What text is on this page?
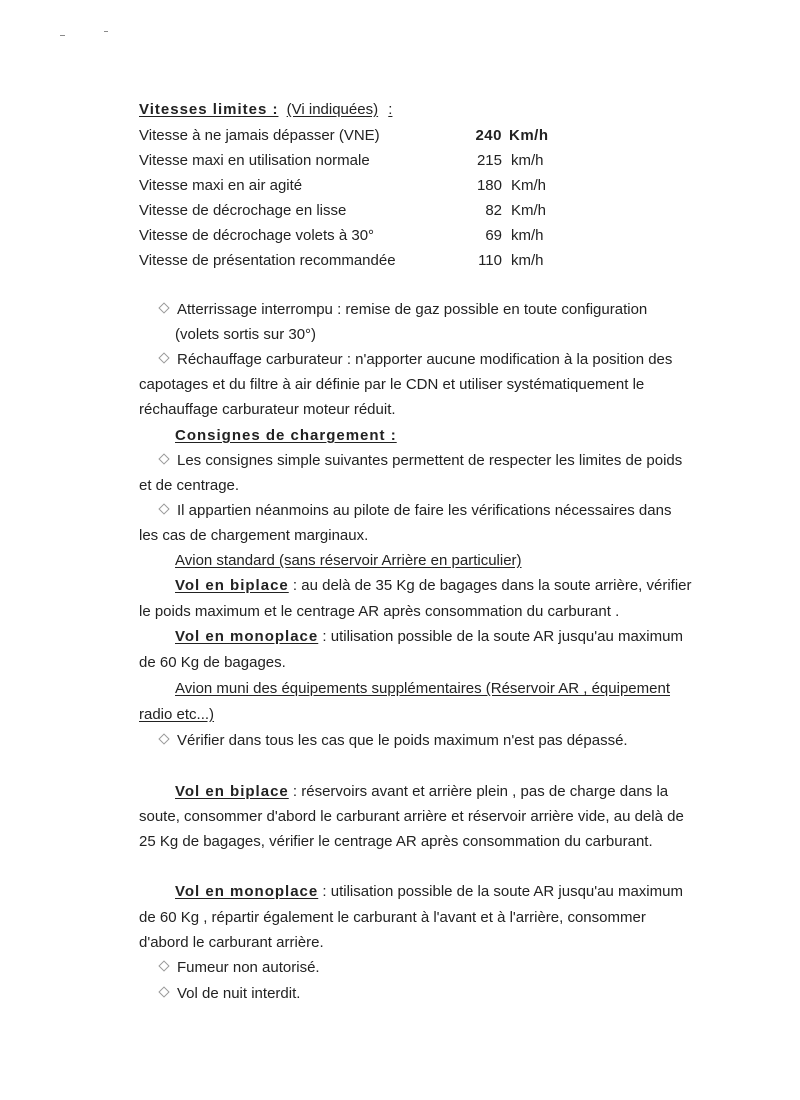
Vitesses limites : (Vi indiquées) :
Vitesse à ne jamais dépasser (VNE)	240 Km/h
Vitesse maxi en utilisation normale	215 km/h
Vitesse maxi en air agité	180 Km/h
Vitesse de décrochage en lisse	82 Km/h
Vitesse de décrochage volets à 30°	69 km/h
Vitesse de présentation recommandée	110 km/h
Atterrissage interrompu : remise de gaz possible en toute configuration
(volets sortis sur 30°)
Réchauffage carburateur : n'apporter aucune modification à la position des
capotages et du filtre à air définie par le CDN et utiliser systématiquement le
réchauffage carburateur moteur réduit.
Consignes de chargement :
Les consignes simple suivantes permettent de respecter les limites de poids
et de centrage.
Il appartien néanmoins au pilote de faire les vérifications nécessaires dans
les cas de chargement marginaux.
Avion standard (sans réservoir Arrière en particulier)
Vol en biplace : au delà de 35 Kg de bagages dans la soute arrière, vérifier
le poids maximum et le centrage AR après consommation du carburant .
Vol en monoplace : utilisation possible de la soute AR jusqu'au maximum
de 60 Kg de bagages.
Avion muni des équipements supplémentaires (Réservoir AR , équipement
radio etc...)
Vérifier dans tous les cas que le poids maximum n'est pas dépassé.
Vol en biplace : réservoirs avant et arrière plein , pas de charge dans la
soute, consommer d'abord le carburant arrière et réservoir arrière vide, au delà de
25 Kg de bagages, vérifier le centrage AR après consommation du carburant.
Vol en monoplace : utilisation possible de la soute AR jusqu'au maximum
de 60 Kg , répartir également le carburant à l'avant et à l'arrière, consommer
d'abord le carburant arrière.
Fumeur non autorisé.
Vol de nuit interdit.
